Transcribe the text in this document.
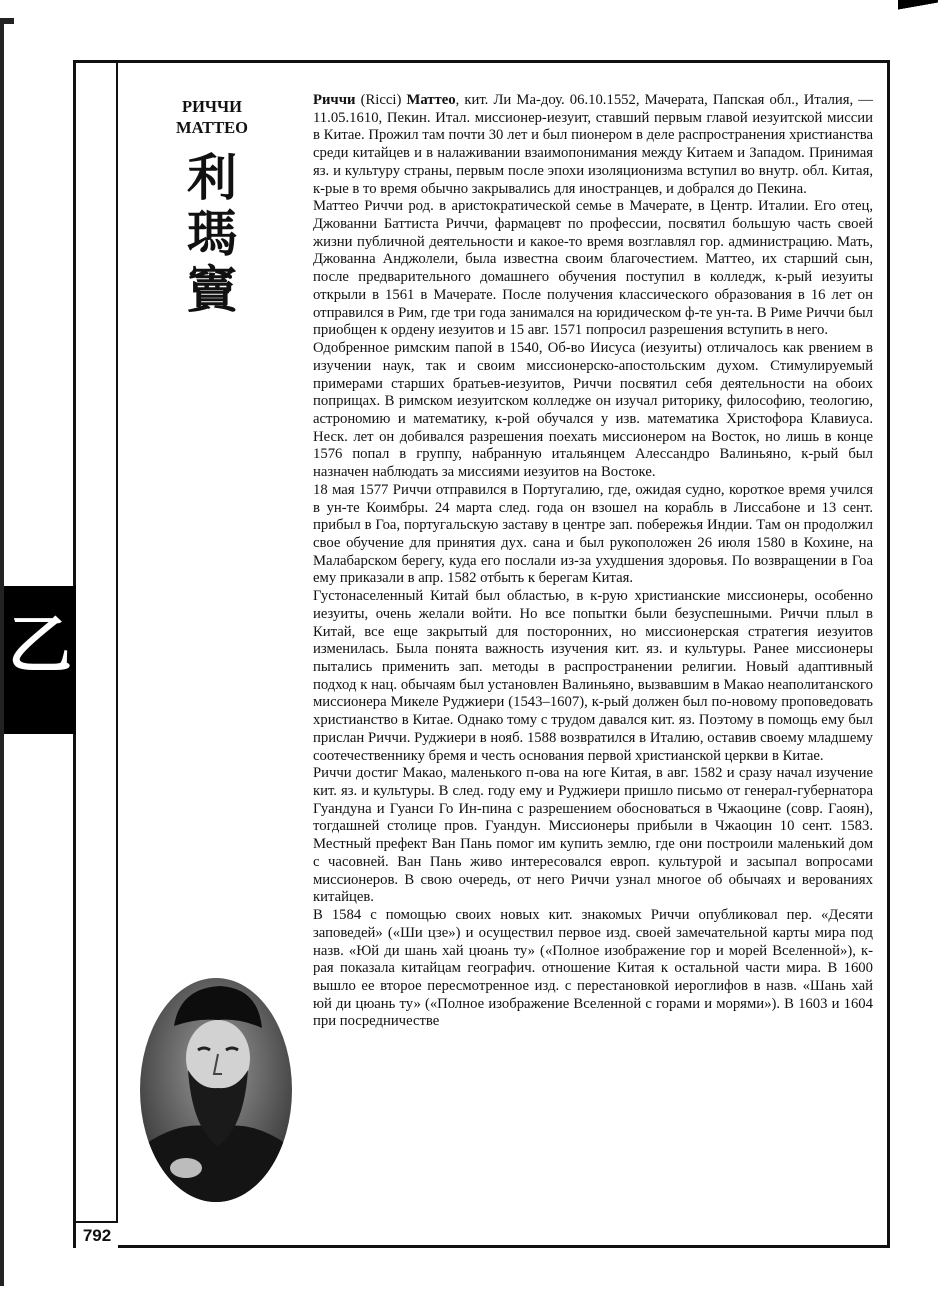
乙
792
РИЧЧИ
МАТТЕО
利
瑪
竇

Риччи (Ricci) Маттео, кит. Ли Ма-доу. 06.10.1552, Мачерата, Папская обл., Италия, — 11.05.1610, Пекин. Итал. миссионер-иезуит, ставший первым главой иезуитской миссии в Китае. Прожил там почти 30 лет и был пионером в деле распространения христианства среди китайцев и в налаживании взаимопонимания между Китаем и Западом. Принимая яз. и культуру страны, первым после эпохи изоляционизма вступил во внутр. обл. Китая, к-рые в то время обычно закрывались для иностранцев, и добрался до Пекина.

Маттео Риччи род. в аристократической семье в Мачерате, в Центр. Италии. Его отец, Джованни Баттиста Риччи, фармацевт по профессии, посвятил большую часть своей жизни публичной деятельности и какое-то время возглавлял гор. администрацию. Мать, Джованна Анджолели, была известна своим благочестием. Маттео, их старший сын, после предварительного домашнего обучения поступил в колледж, к-рый иезуиты открыли в 1561 в Мачерате. После получения классического образования в 16 лет он отправился в Рим, где три года занимался на юридическом ф-те ун-та. В Риме Риччи был приобщен к ордену иезуитов и 15 авг. 1571 попросил разрешения вступить в него.

Одобренное римским папой в 1540, Об-во Иисуса (иезуиты) отличалось как рвением в изучении наук, так и своим миссионерско-апостольским духом. Стимулируемый примерами старших братьев-иезуитов, Риччи посвятил себя деятельности на обоих поприщах. В римском иезуитском колледже он изучал риторику, философию, теологию, астрономию и математику, к-рой обучался у изв. математика Христофора Клавиуса. Неск. лет он добивался разрешения поехать миссионером на Восток, но лишь в конце 1576 попал в группу, набранную итальянцем Алессандро Валиньяно, к-рый был назначен наблюдать за миссиями иезуитов на Востоке.

18 мая 1577 Риччи отправился в Португалию, где, ожидая судно, короткое время учился в ун-те Коимбры. 24 марта след. года он взошел на корабль в Лиссабоне и 13 сент. прибыл в Гоа, португальскую заставу в центре зап. побережья Индии. Там он продолжил свое обучение для принятия дух. сана и был рукоположен 26 июля 1580 в Кохине, на Малабарском берегу, куда его послали из-за ухудшения здоровья. По возвращении в Гоа ему приказали в апр. 1582 отбыть к берегам Китая.

Густонаселенный Китай был областью, в к-рую христианские миссионеры, особенно иезуиты, очень желали войти. Но все попытки были безуспешными. Риччи плыл в Китай, все еще закрытый для посторонних, но миссионерская стратегия иезуитов изменилась. Была понята важность изучения кит. яз. и культуры. Ранее миссионеры пытались применить зап. методы в распространении религии. Новый адаптивный подход к нац. обычаям был установлен Валиньяно, вызвавшим в Макао неаполитанского миссионера Микеле Руджиери (1543–1607), к-рый должен был по-новому проповедовать христианство в Китае. Однако тому с трудом давался кит. яз. Поэтому в помощь ему был прислан Риччи. Руджиери в нояб. 1588 возвратился в Италию, оставив своему младшему соотечественнику бремя и честь основания первой христианской церкви в Китае.

Риччи достиг Макао, маленького п-ова на юге Китая, в авг. 1582 и сразу начал изучение кит. яз. и культуры. В след. году ему и Руджиери пришло письмо от генерал-губернатора Гуандуна и Гуанси Го Ин-пина с разрешением обосноваться в Чжаоцине (совр. Гаоян), тогдашней столице пров. Гуандун. Миссионеры прибыли в Чжаоцин 10 сент. 1583. Местный префект Ван Пань помог им купить землю, где они построили маленький дом с часовней. Ван Пань живо интересовался европ. культурой и засыпал вопросами миссионеров. В свою очередь, от него Риччи узнал многое об обычаях и верованиях китайцев.

В 1584 с помощью своих новых кит. знакомых Риччи опубликовал пер. «Десяти заповедей» («Ши цзе») и осуществил первое изд. своей замечательной карты мира под назв. «Юй ди шань хай цюань ту» («Полное изображение гор и морей Вселенной»), к-рая показала китайцам географич. отношение Китая к остальной части мира. В 1600 вышло ее второе пересмотренное изд. с перестановкой иероглифов в назв. «Шань хай юй ди цюань ту» («Полное изображение Вселенной с горами и морями»). В 1603 и 1604 при посредничестве
